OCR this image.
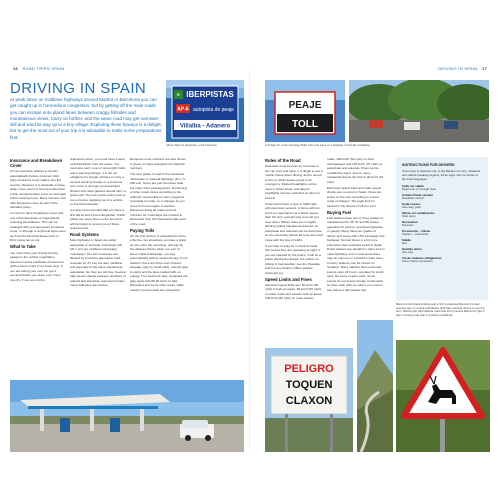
16 ROAD TRIPS SPAIN	DRIVING IN SPAIN 17
DRIVING IN SPAIN
At peak times on multilane highways around Madrid or Barcelona you can get caught up in horrendous congestion, but by getting off the main roads you can escape onto placid lanes between craggy hillsides and mountainous views. Carry on further, and the same road may get narrower still and wind its way up to a tiny village. Exploring these byways is a delight, but to get the most out of your trip it is advisable to make some preparations first.
E IBERPISTAS
AP-6 autopista de peaje
Villalba - Adanero
Above Sign for autopista, a toll motorway
PEAJE
TOLL
Left Sign for a toll motorway Right Cars and trees on a highway in Aranda, Andalusia
Insurance and Breakdown Cover

All car insurance policies in the EU automatically include minimum third party insurance cover valid in any EU country. However, it is advisable to have wider cover, and it is recommended that a fully comprehensive cover be arranged before leaving home. Many insurers now offer European cover as part of the standard policy.

It is best to have breakdown cover with one of the European or international motoring associations. This can be arranged with your European insurance cover, or through a reciprocal agreement such as the AA (www.theaa.com) or RAC (www.rac.co.uk).

What to Take

You must carry your driving licence, passport, the vehicle registration document and a certificate of insurance (with a Green Card if you have one). If you are taking your own car, get it serviced before you leave your home country. If you are not the

registered owner, you must have a letter of authorization from the owner. You must also carry a set of spare light bulbs and a warning triangle. It is not yet obligatory for foreign vehicles to carry a second warning triangle or a luminous vest, but it is strongly recommended. Drivers who wear glasses should carry a spare pair. The rule is that vests must be put on before stepping out of a vehicle on the hard shoulder.

It is also recommended that you have a first aid kit and a fire extinguisher. Traffic police can issue fines on the spot and will be happy to remind you of these requirements.

Road Systems

Main highways in Spain are either autopistas or autovias. Autopistas (AP, AP-7 etc) are multilane toll (peaje) motorways. The toll motorways are flanked by a toll-free alternative road. Autovias (A, A7 etc) are also multilane and generally of the same standard as autopistas, but they are toll-free. Several high-speed change between stretches of autovia and autopista, and around cities many highways are toll-free.

European route numbers are also shown in green on signs alongside the Spanish numbers.

The next grade of road is the carreteras nacionales or national highways (N-1, N-250 etc). Some are just two lanes wide, but many have passing lanes. Numbering of other roads varies according to the authority responsible for them (regional, provincial or local), so it changes as you cross from one region to another. Distances along all roads and exit numbers for motorways are marked in kilometres from the theoretical start point of the road.

Paying Tolls

On the first section of autopista the toll is a flat fee, but elsewhere you take a ticket as you enter the motorway, and pay by the distance driven when you exit. In lanes marked Telepeaje, you pay automatically with an electronic tag. At toll stations, there are three sets of lanes: telepago (pay by credit card), manual (pay in cash) and the lane marked with an orange T for electronic tags. Autopista toll-gate signs with 80-90 km/h on tolls Barcelona and some other areas, while nearby non-toll roads are congested.

Rules of the Road

Seat belts must be worn by everyone in the car, front and back. It is illegal to use a mobile phone when driving, and to sound a horn in urban areas except in an emergency. Dipped headlights can be used in urban areas, and dipped headlights must be switched on when in tunnels.

Small towns have a type of traffic light with electronic sensors. A frame will turn red if you approach it at a faster speed than the limit, and will stay red until you slow down. Where there are no lights, flashing yellow triangles and arrows on autopistas and autovias can be disruptive, so it is necessary above all to be alert and move with the flow of traffic.

If you stop in a lay-by on dark lit roads, this means they are operating at night. If you are stopped by the police, it will be a police checkpoint ahead. For advice on driving in bad weather, see the Pasatiga and Communication Office website (www.dgt.es).

Speed Limits and Fines

Standard speed limits are: 50 km/h (30 mph) in built-up areas, 90 km/h (56 mph) on other roads and outside built-up areas, 100 km/h (62 mph) on most country

roads, 100 km/h (62 mph) on dual carriageways and 120 km/h (75 mph) on autopistas and autovias. Fines can be modified by signs, and on many residential streets the limit is 30 km/h (19 mph).

Electronic speed traps and video speed checks are common in Spain. Fines are levied on the spot according to a fixed scale of charges. The legal limit for alcohol in the blood is 0.25 per cent.

Buying Fuel

Fuel stations have two or three grades of unleaded petrol: 95, 97 and 98 octane (gasolina sin plomo), and diesel (gasóleo or gasoil). Many have two grades of diesel, and some offer LPG (autogas) and biodiesel. Normal diesel is a bit more expensive than unleaded petrol in Spain. Petrol stations are plentiful in cities and on main highways, but in rural areas there may be only one in a district's main town. Country stations may be closed on Sundays. Many stations have automatic pumps open 24 hours, operated by credit card, but some require cash. Some pumps do not accept foreign credit cards, so have cash with you when you need to pay before it will release fuel.

INSTRUCTIONS FOR DRIVERS
Given here in Spanish only, in the Basque Country, Catalonia and Galicia speaking regions, these signs may be written in the local languages.
Calle sin salida
Dead end, no through road
Camino/Canil cerrado
Road/lane closed
Ceda el paso
Give way, yield
Obras sin señalización
Slow down
Desviación
Diversion
Precaución – Obras
Caution – road works
Salida
Exit
Sentido único
One way
Vía de cadenas obligatorias
Snow chains compulsory
Below far left Road winding past a hill in Andalusia Below left A deer warning sign on a rural road Below right Sign warning drivers to use the horn. Below right High altitude road near the Pyrenees Below far right A deer crossing road sign in southern Andalusia
PELIGRO
TOQUEN
CLAXON
